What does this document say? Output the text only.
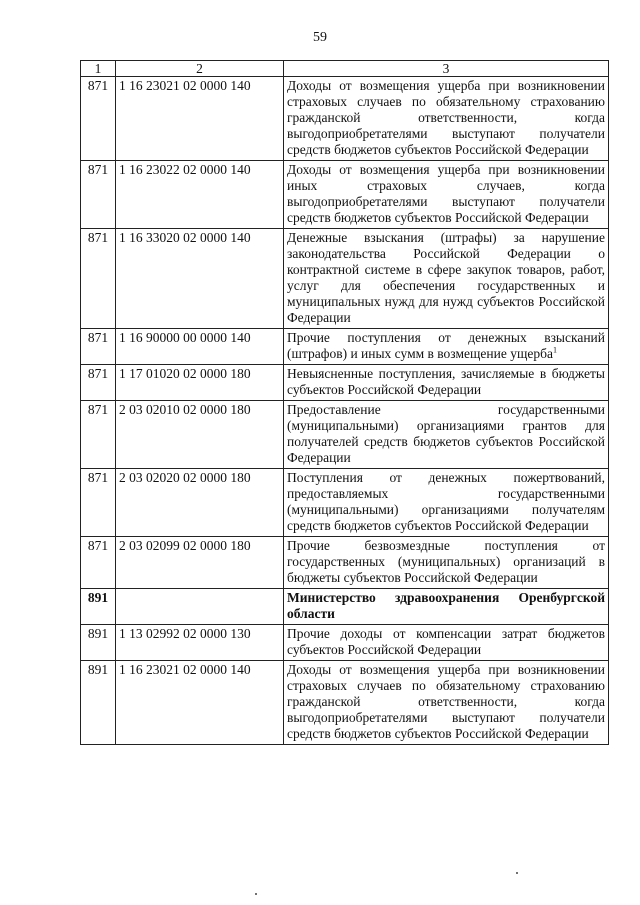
59
1	2	3
871	1 16 23021 02 0000 140	Доходы от возмещения ущерба при возникновении страховых случаев по обязательному страхованию гражданской ответственности, когда выгодоприобретателями выступают получатели средств бюджетов субъектов Российской Федерации
871	1 16 23022 02 0000 140	Доходы от возмещения ущерба при возникновении иных страховых случаев, когда выгодоприобретателями выступают получатели средств бюджетов субъектов Российской Федерации
871	1 16 33020 02 0000 140	Денежные взыскания (штрафы) за нарушение законодательства Российской Федерации о контрактной системе в сфере закупок товаров, работ, услуг для обеспечения государственных и муниципальных нужд для нужд субъектов Российской Федерации
871	1 16 90000 00 0000 140	Прочие поступления от денежных взысканий (штрафов) и иных сумм в возмещение ущерба$^1$
871	1 17 01020 02 0000 180	Невыясненные поступления, зачисляемые в бюджеты субъектов Российской Федерации
871	2 03 02010 02 0000 180	Предоставление государственными (муниципальными) организациями грантов для получателей средств бюджетов субъектов Российской Федерации
871	2 03 02020 02 0000 180	Поступления от денежных пожертвований, предоставляемых государственными (муниципальными) организациями получателям средств бюджетов субъектов Российской Федерации
871	2 03 02099 02 0000 180	Прочие безвозмездные поступления от государственных (муниципальных) организаций в бюджеты субъектов Российской Федерации
891		Министерство здравоохранения Оренбургской области
891	1 13 02992 02 0000 130	Прочие доходы от компенсации затрат бюджетов субъектов Российской Федерации
891	1 16 23021 02 0000 140	Доходы от возмещения ущерба при возникновении страховых случаев по обязательному страхованию гражданской ответственности, когда выгодоприобретателями выступают получатели средств бюджетов субъектов Российской Федерации
